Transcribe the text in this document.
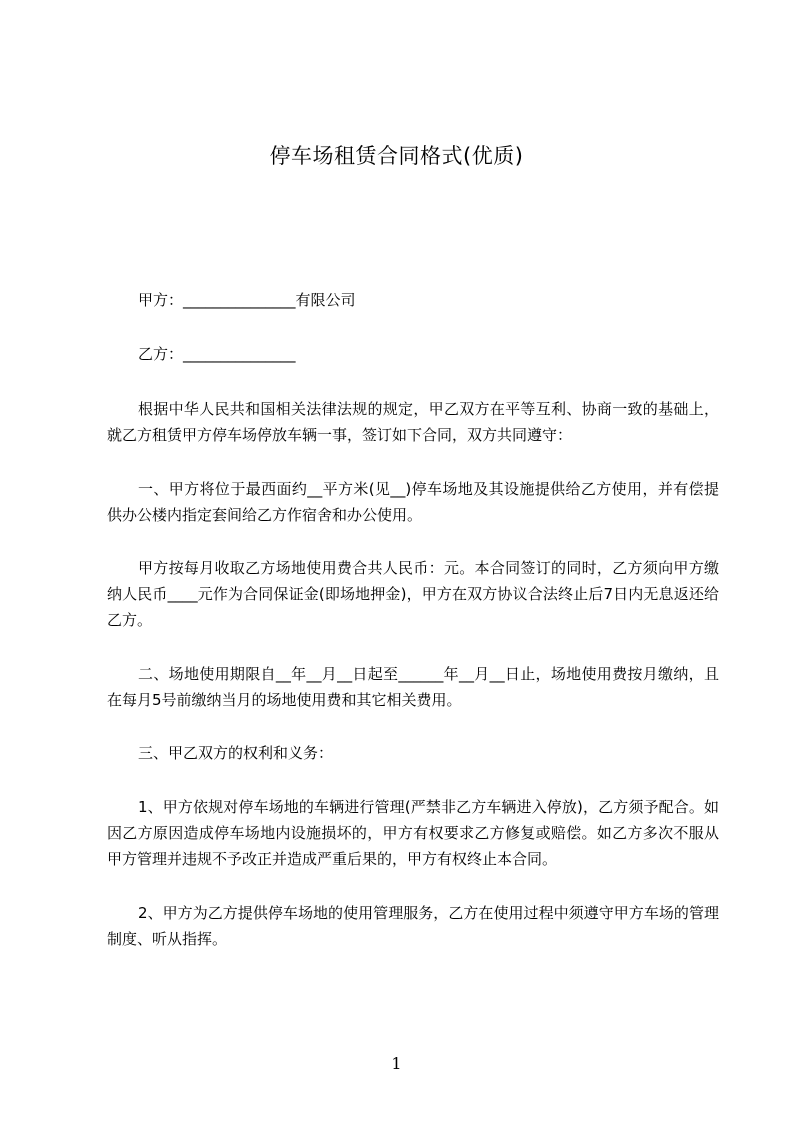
停车场租赁合同格式(优质)

甲方：_______________有限公司

乙方：_______________

根据中华人民共和国相关法律法规的规定，甲乙双方在平等互利、协商一致的基础上，就乙方租赁甲方停车场停放车辆一事，签订如下合同，双方共同遵守：

一、甲方将位于最西面约__平方米(见__)停车场地及其设施提供给乙方使用，并有偿提供办公楼内指定套间给乙方作宿舍和办公使用。

甲方按每月收取乙方场地使用费合共人民币：元。本合同签订的同时，乙方须向甲方缴纳人民币____元作为合同保证金(即场地押金)，甲方在双方协议合法终止后7日内无息返还给乙方。

二、场地使用期限自__年__月__日起至______年__月__日止，场地使用费按月缴纳，且在每月5号前缴纳当月的场地使用费和其它相关费用。

三、甲乙双方的权利和义务：

1、甲方依规对停车场地的车辆进行管理(严禁非乙方车辆进入停放)，乙方须予配合。如因乙方原因造成停车场地内设施损坏的，甲方有权要求乙方修复或赔偿。如乙方多次不服从甲方管理并违规不予改正并造成严重后果的，甲方有权终止本合同。

2、甲方为乙方提供停车场地的使用管理服务，乙方在使用过程中须遵守甲方车场的管理制度、听从指挥。

1
